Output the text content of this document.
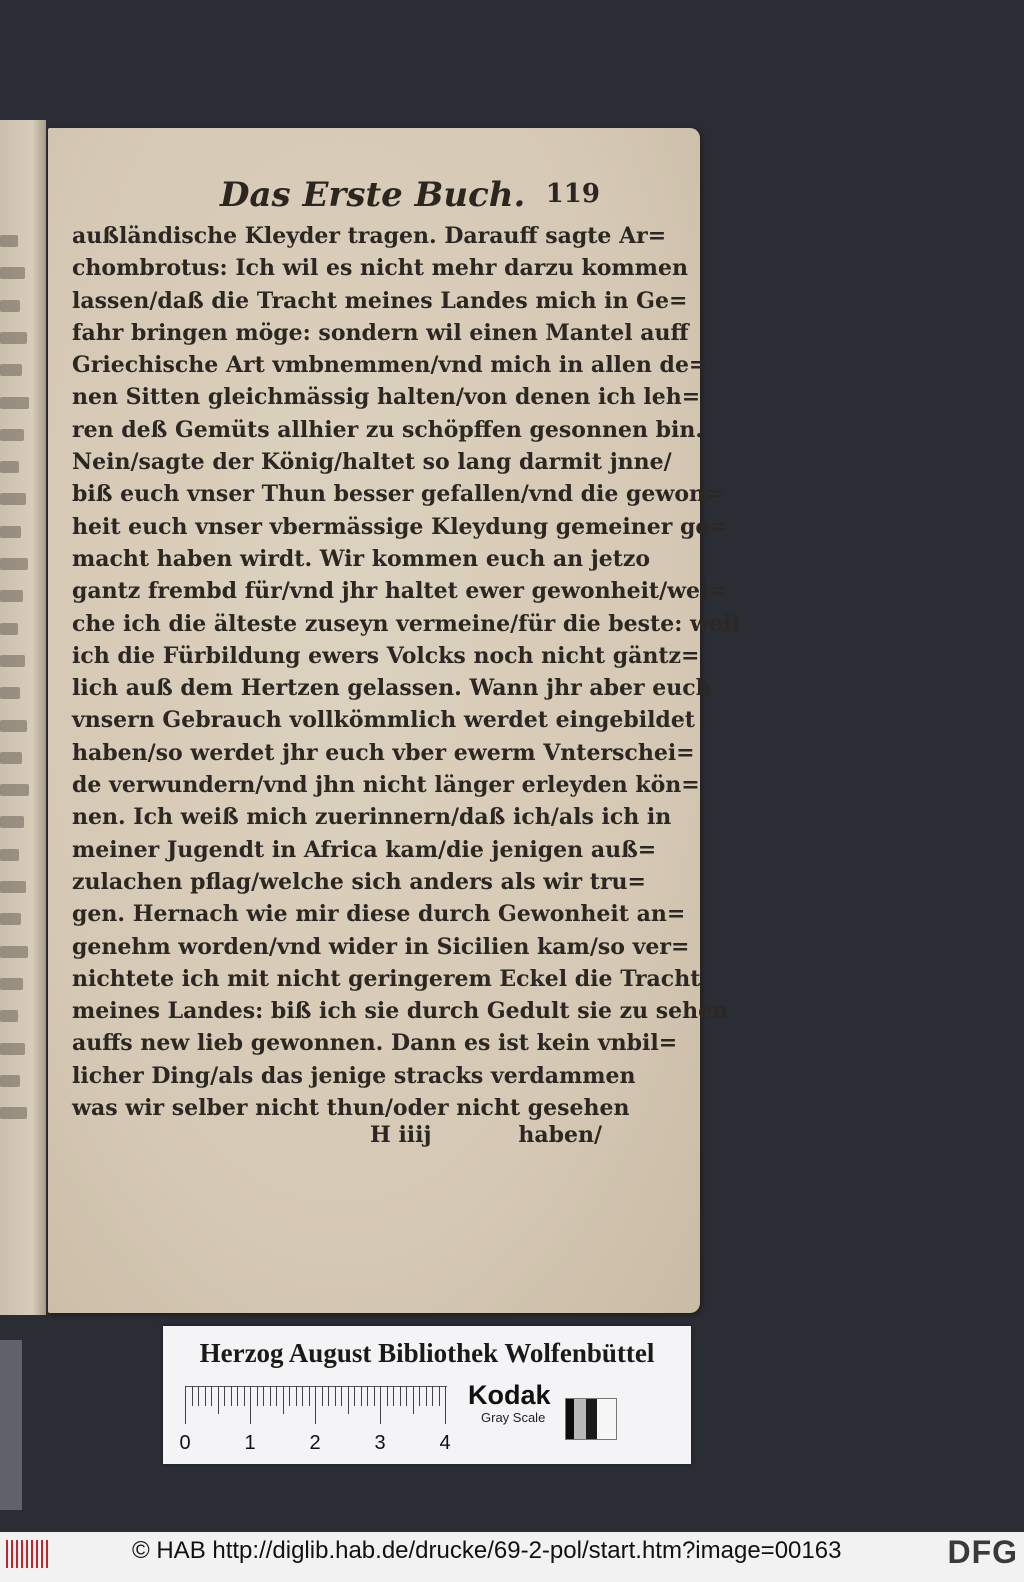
Das Erste Buch. 119
außländische Kleyder tragen. Darauff sagte Ar=
chombrotus: Ich wil es nicht mehr darzu kommen
lassen/daß die Tracht meines Landes mich in Ge=
fahr bringen möge: sondern wil einen Mantel auff
Griechische Art vmbnemmen/vnd mich in allen de=
nen Sitten gleichmässig halten/von denen ich leh=
ren deß Gemüts allhier zu schöpffen gesonnen bin.
Nein/sagte der König/haltet so lang darmit jnne/
biß euch vnser Thun besser gefallen/vnd die gewon=
heit euch vnser vbermässige Kleydung gemeiner ge=
macht haben wirdt. Wir kommen euch an jetzo
gantz frembd für/vnd jhr haltet ewer gewonheit/wel=
che ich die älteste zuseyn vermeine/für die beste: weil
ich die Fürbildung ewers Volcks noch nicht gäntz=
lich auß dem Hertzen gelassen. Wann jhr aber euch
vnsern Gebrauch vollkömmlich werdet eingebildet
haben/so werdet jhr euch vber ewerm Vnterschei=
de verwundern/vnd jhn nicht länger erleyden kön=
nen. Ich weiß mich zuerinnern/daß ich/als ich in
meiner Jugendt in Africa kam/die jenigen auß=
zulachen pflag/welche sich anders als wir tru=
gen. Hernach wie mir diese durch Gewonheit an=
genehm worden/vnd wider in Sicilien kam/so ver=
nichtete ich mit nicht geringerem Eckel die Tracht
meines Landes: biß ich sie durch Gedult sie zu sehen
auffs new lieb gewonnen. Dann es ist kein vnbil=
licher Ding/als das jenige stracks verdammen
was wir selber nicht thun/oder nicht gesehen
H iiij	haben/
Herzog August Bibliothek Wolfenbüttel
0	1	2	3	4
Kodak
Gray Scale
© HAB http://diglib.hab.de/drucke/69-2-pol/start.htm?image=00163	DFG
